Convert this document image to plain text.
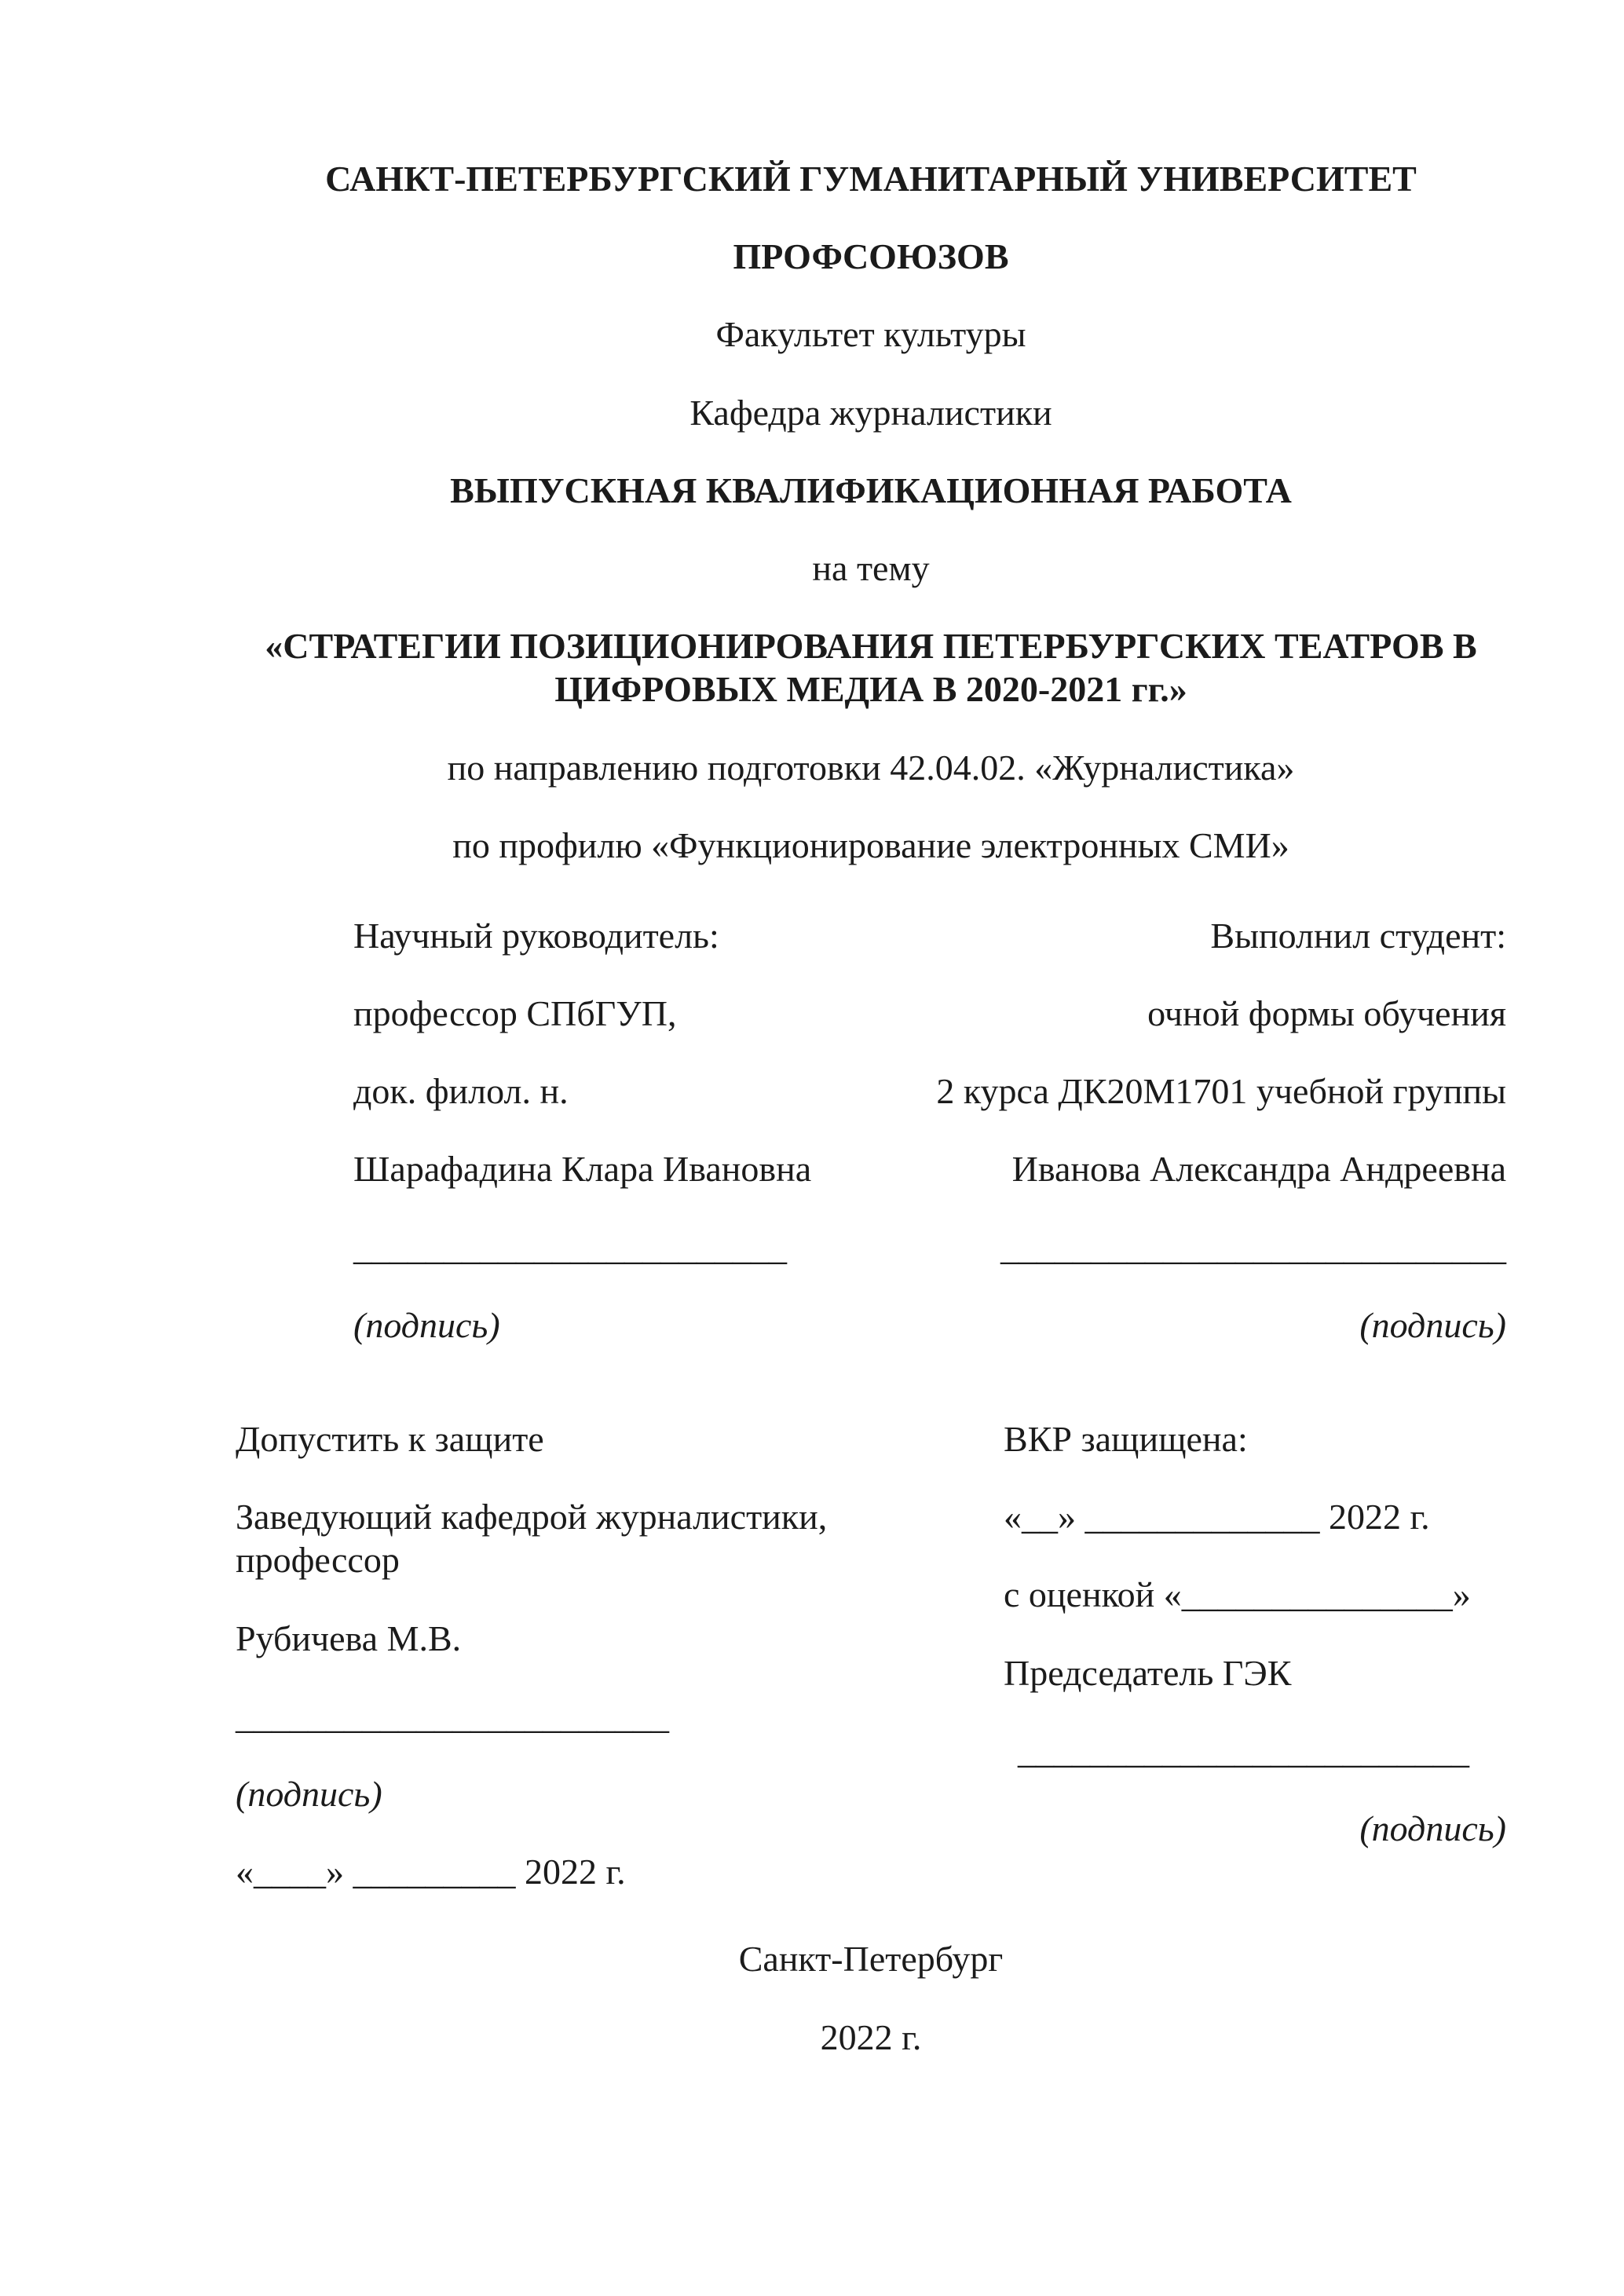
САНКТ-ПЕТЕРБУРГСКИЙ ГУМАНИТАРНЫЙ УНИВЕРСИТЕТ

ПРОФСОЮЗОВ

Факультет культуры

Кафедра журналистики

ВЫПУСКНАЯ КВАЛИФИКАЦИОННАЯ РАБОТА

на тему

«СТРАТЕГИИ ПОЗИЦИОНИРОВАНИЯ ПЕТЕРБУРГСКИХ ТЕАТРОВ В ЦИФРОВЫХ МЕДИА В 2020-2021 гг.»

по направлению подготовки 42.04.02. «Журналистика»

по профилю «Функционирование электронных СМИ»

Научный руководитель:

профессор СПбГУП,

док. филол. н.

Шарафадина Клара Ивановна

________________________

(подпись)

Выполнил студент:

очной формы обучения

2 курса ДК20М1701 учебной группы

Иванова Александра Андреевна

____________________________

(подпись)

Допустить к защите

Заведующий кафедрой журналистики, профессор

Рубичева М.В.

________________________

(подпись)

«____» _________ 2022 г.

ВКР защищена:

«__» _____________ 2022 г.

с оценкой «_______________»

Председатель ГЭК

_________________________

(подпись)

Санкт-Петербург

2022 г.
